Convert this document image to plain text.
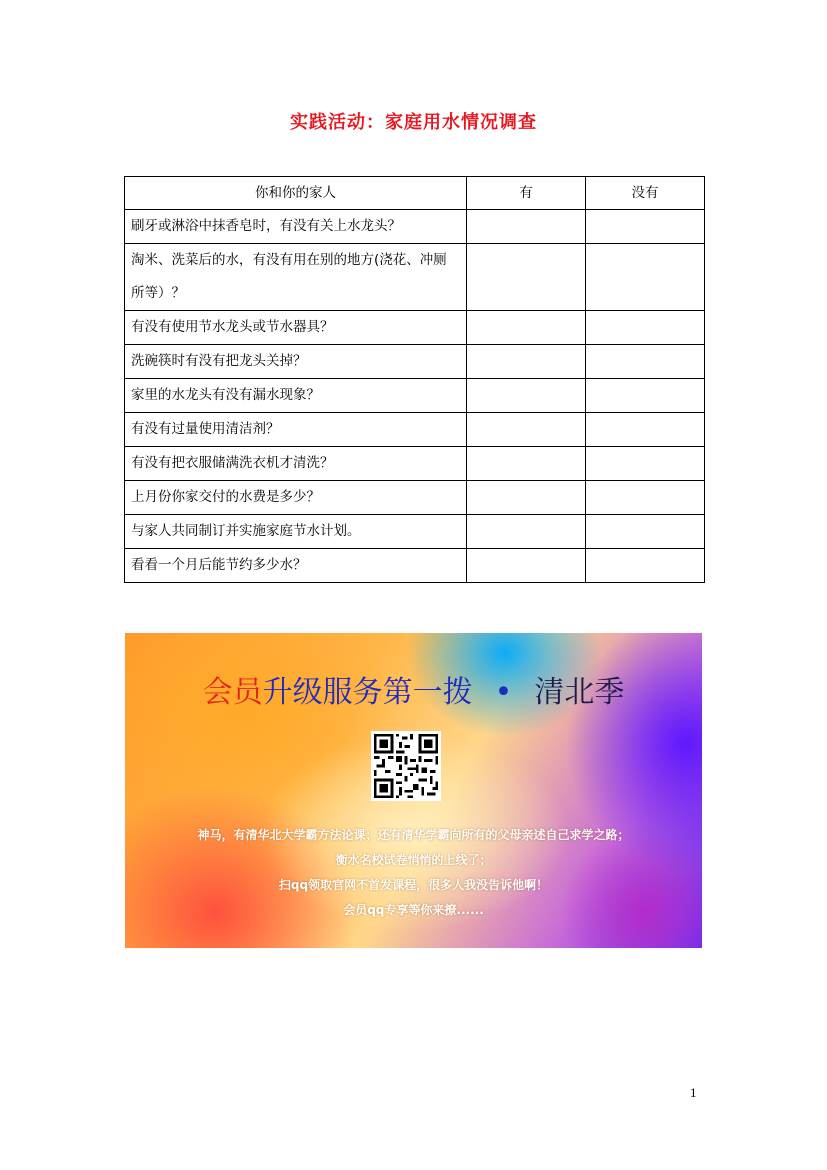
实践活动：家庭用水情况调查
你和你的家人	有	没有
刷牙或淋浴中抹香皂时，有没有关上水龙头？		
淘米、洗菜后的水，有没有用在别的地方(浇花、冲厕所等）？		
有没有使用节水龙头或节水器具？		
洗碗筷时有没有把龙头关掉？		
家里的水龙头有没有漏水现象？		
有没有过量使用清洁剂？		
有没有把衣服储满洗衣机才清洗？		
上月份你家交付的水费是多少？		
与家人共同制订并实施家庭节水计划。		
看看一个月后能节约多少水？		
会员升级服务第一拨 • 清北季
神马，有清华北大学霸方法论课；还有清华学霸向所有的父母亲述自己求学之路；
衡水名校试卷悄悄的上线了；
扫qq领取官网不首发课程，很多人我没告诉他啊！
会员qq专享等你来撩......
1
